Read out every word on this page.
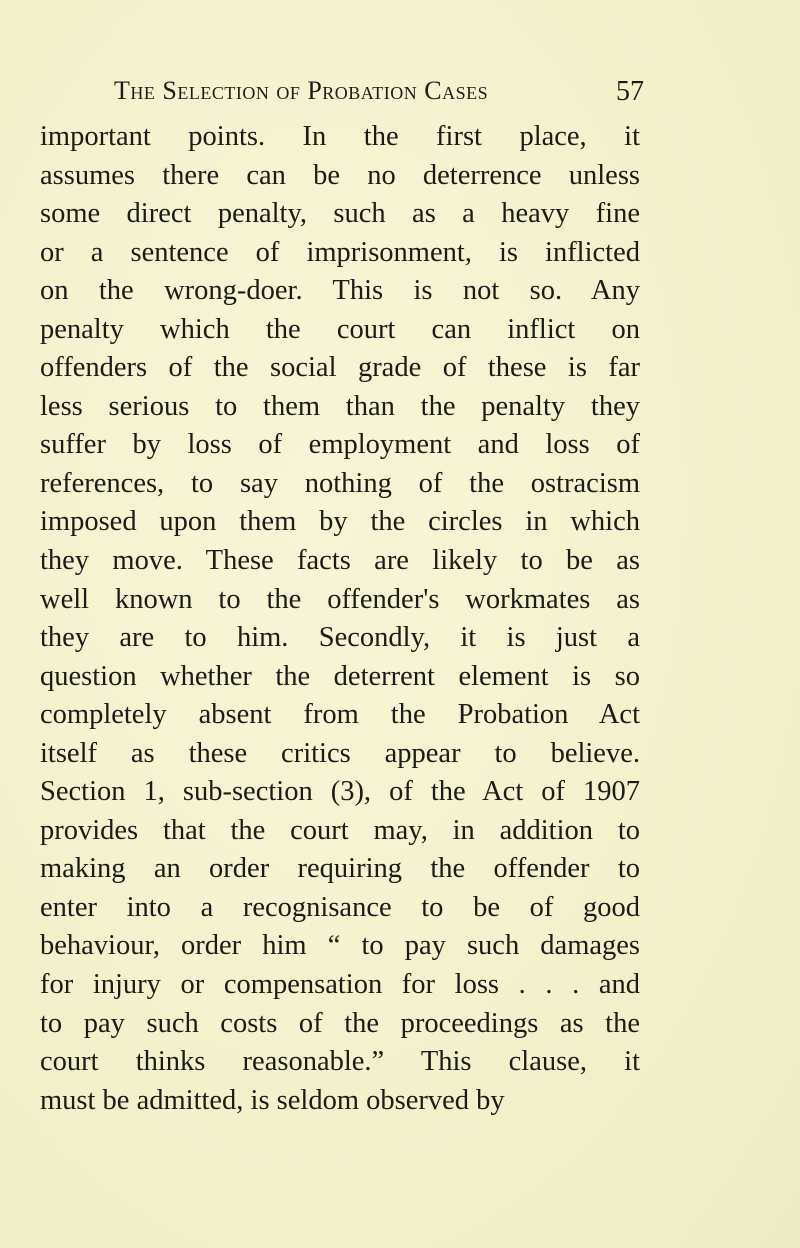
The Selection of Probation Cases	57
important points. In the first place, it
assumes there can be no deterrence unless
some direct penalty, such as a heavy fine
or a sentence of imprisonment, is inflicted
on the wrong-doer. This is not so. Any
penalty which the court can inflict on
offenders of the social grade of these is far
less serious to them than the penalty they
suffer by loss of employment and loss of
references, to say nothing of the ostracism
imposed upon them by the circles in which
they move. These facts are likely to be as
well known to the offender's workmates as
they are to him. Secondly, it is just a
question whether the deterrent element is so
completely absent from the Probation Act
itself as these critics appear to believe.
Section 1, sub-section (3), of the Act of 1907
provides that the court may, in addition to
making an order requiring the offender to
enter into a recognisance to be of good
behaviour, order him “ to pay such damages
for injury or compensation for loss . . . and
to pay such costs of the proceedings as the
court thinks reasonable.” This clause, it
must be admitted, is seldom observed by
